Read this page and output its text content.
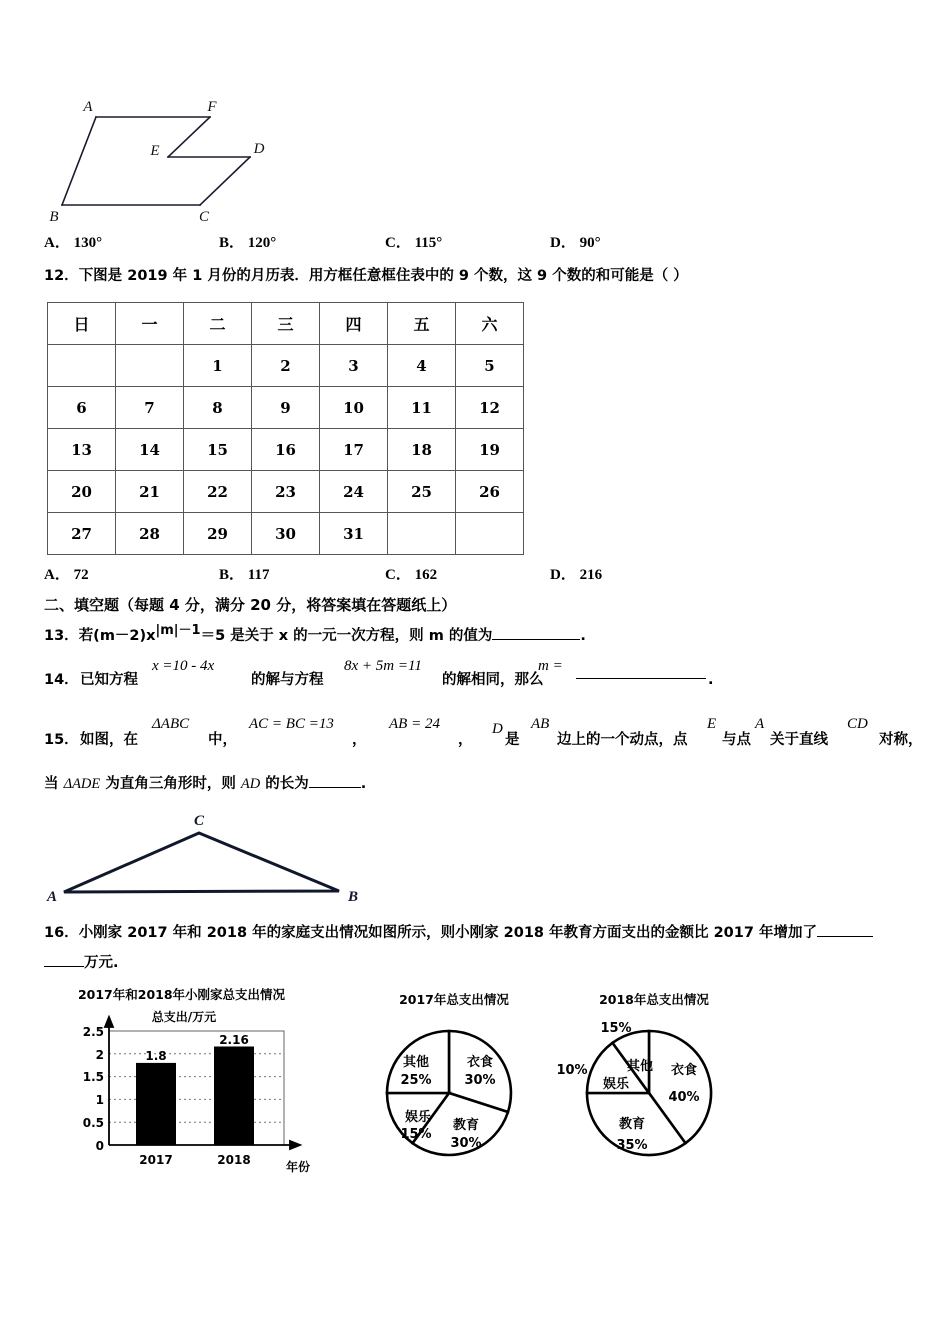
A	F
E	D
B	C
A． 130°	B． 120°	C． 115°	D． 90°
12．下图是 2019 年 1 月份的月历表．用方框任意框住表中的 9 个数，这 9 个数的和可能是（ ）
日	一	二	三	四	五	六
		1	2	3	4	5
6	7	8	9	10	11	12
13	14	15	16	17	18	19
20	21	22	23	24	25	26
27	28	29	30	31		
A． 72	B． 117	C． 162	D． 216
二、填空题（每题 4 分，满分 20 分，将答案填在答题纸上）
13．若(m－2)x|m|－1＝5 是关于 x 的一元一次方程，则 m 的值为	.
14． 已知方程
x =10 - 4x
的解与方程
8x + 5m =11
的解相同，那么
m =
.
15． 如图，在
ΔABC
中，
AC = BC =13
，
AB = 24
，
D
是
AB
边上的一个动点，点
E
与点
A
关于直线
CD
对称，
当 ΔADE 为直角三角形时，则 AD 的长为	.
C
A	B
16．小刚家 2017 年和 2018 年的家庭支出情况如图所示，则小刚家 2018 年教育方面支出的金额比 2017 年增加了
万元.
2017年和2018年小刚家总支出情况
总支出/万元
1.8
2.16
0
0.5
1
1.5
2
2.5
2017	2018	年份
2017年总支出情况
衣食
30%
教育
30%
娱乐
15%
其他
25%
2018年总支出情况
衣食
40%
教育
35%
娱乐
10%	其他
15%
